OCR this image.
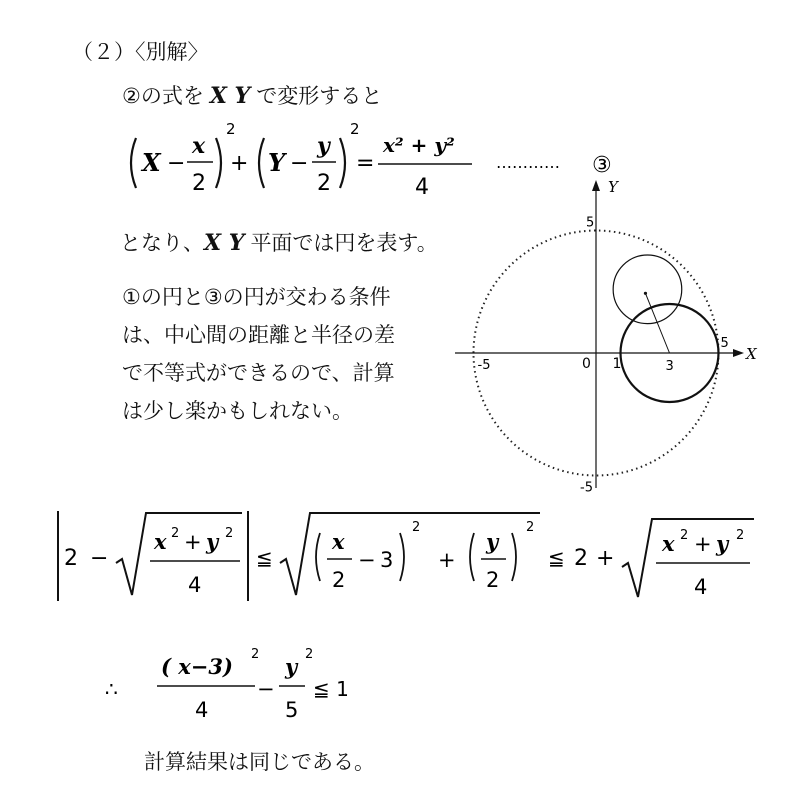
（２）〈別解〉
②の式を X Y で変形すると
X −
x
2
2
+ Y −
y
2
2
=
x² + y²
4
………… ③
となり、X Y 平面では円を表す。
①の円と③の円が交わる条件
は、中心間の距離と半径の差
で不等式ができるので、計算
は少し楽かもしれない。
X
Y
0 1	3
5
-5
5
-5
2 −
x 2 + y 2
4
≦
x
2
− 3
2
+
y
2
2
≦ 2 +
x 2 + y 2
4
∴
( x−3) 2
4
−
y 2
5
≦ 1
計算結果は同じである。
